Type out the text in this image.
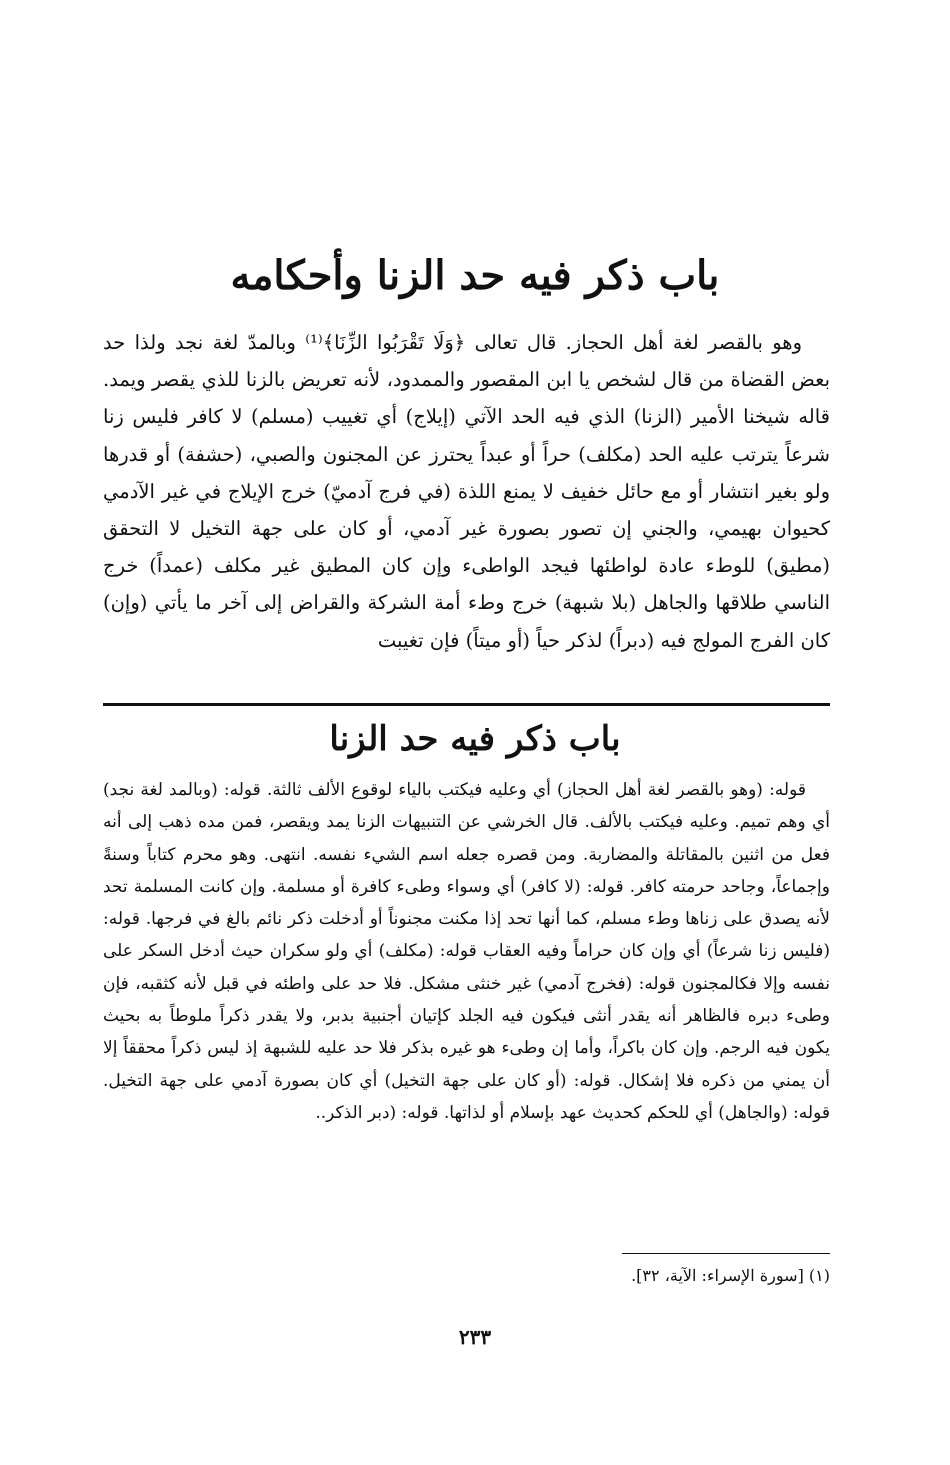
باب ذكر فيه حد الزنا وأحكامه

وهو بالقصر لغة أهل الحجاز. قال تعالى ﴿وَلَا تَقْرَبُوا الزِّنَا﴾⁽¹⁾ وبالمدّ لغة نجد ولذا حد بعض القضاة من قال لشخص يا ابن المقصور والممدود، لأنه تعريض بالزنا للذي يقصر ويمد. قاله شيخنا الأمير (الزنا) الذي فيه الحد الآتي (إيلاج) أي تغييب (مسلم) لا كافر فليس زنا شرعاً يترتب عليه الحد (مكلف) حراً أو عبداً يحترز عن المجنون والصبي، (حشفة) أو قدرها ولو بغير انتشار أو مع حائل خفيف لا يمنع اللذة (في فرج آدميّ) خرج الإيلاج في غير الآدمي كحيوان بهيمي، والجني إن تصور بصورة غير آدمي، أو كان على جهة التخيل لا التحقق (مطيق) للوطء عادة لواطئها فيجد الواطىء وإن كان المطيق غير مكلف (عمداً) خرج الناسي طلاقها والجاهل (بلا شبهة) خرج وطء أمة الشركة والقراض إلى آخر ما يأتي (وإن) كان الفرج المولج فيه (دبراً) لذكر حياً (أو ميتاً) فإن تغيبت

باب ذكر فيه حد الزنا

قوله: (وهو بالقصر لغة أهل الحجاز) أي وعليه فيكتب بالياء لوقوع الألف ثالثة. قوله: (وبالمد لغة نجد) أي وهم تميم. وعليه فيكتب بالألف. قال الخرشي عن التنبيهات الزنا يمد ويقصر، فمن مده ذهب إلى أنه فعل من اثنين بالمقاتلة والمضاربة. ومن قصره جعله اسم الشيء نفسه. انتهى. وهو محرم كتاباً وسنةً وإجماعاً، وجاحد حرمته كافر. قوله: (لا كافر) أي وسواء وطىء كافرة أو مسلمة. وإن كانت المسلمة تحد لأنه يصدق على زناها وطء مسلم، كما أنها تحد إذا مكنت مجنوناً أو أدخلت ذكر نائم بالغ في فرجها. قوله: (فليس زنا شرعاً) أي وإن كان حراماً وفيه العقاب قوله: (مكلف) أي ولو سكران حيث أدخل السكر على نفسه وإلا فكالمجنون قوله: (فخرج آدمي) غير خنثى مشكل. فلا حد على واطئه في قبل لأنه كثقبه، فإن وطىء دبره فالظاهر أنه يقدر أنثى فيكون فيه الجلد كإتيان أجنبية بدبر، ولا يقدر ذكراً ملوطاً به بحيث يكون فيه الرجم. وإن كان باكراً، وأما إن وطىء هو غيره بذكر فلا حد عليه للشبهة إذ ليس ذكراً محققاً إلا أن يمني من ذكره فلا إشكال. قوله: (أو كان على جهة التخيل) أي كان بصورة آدمي على جهة التخيل. قوله: (والجاهل) أي للحكم كحديث عهد بإسلام أو لذاتها. قوله: (دبر الذكر..

(١) [سورة الإسراء: الآية، ٣٢].

٢٣٣
